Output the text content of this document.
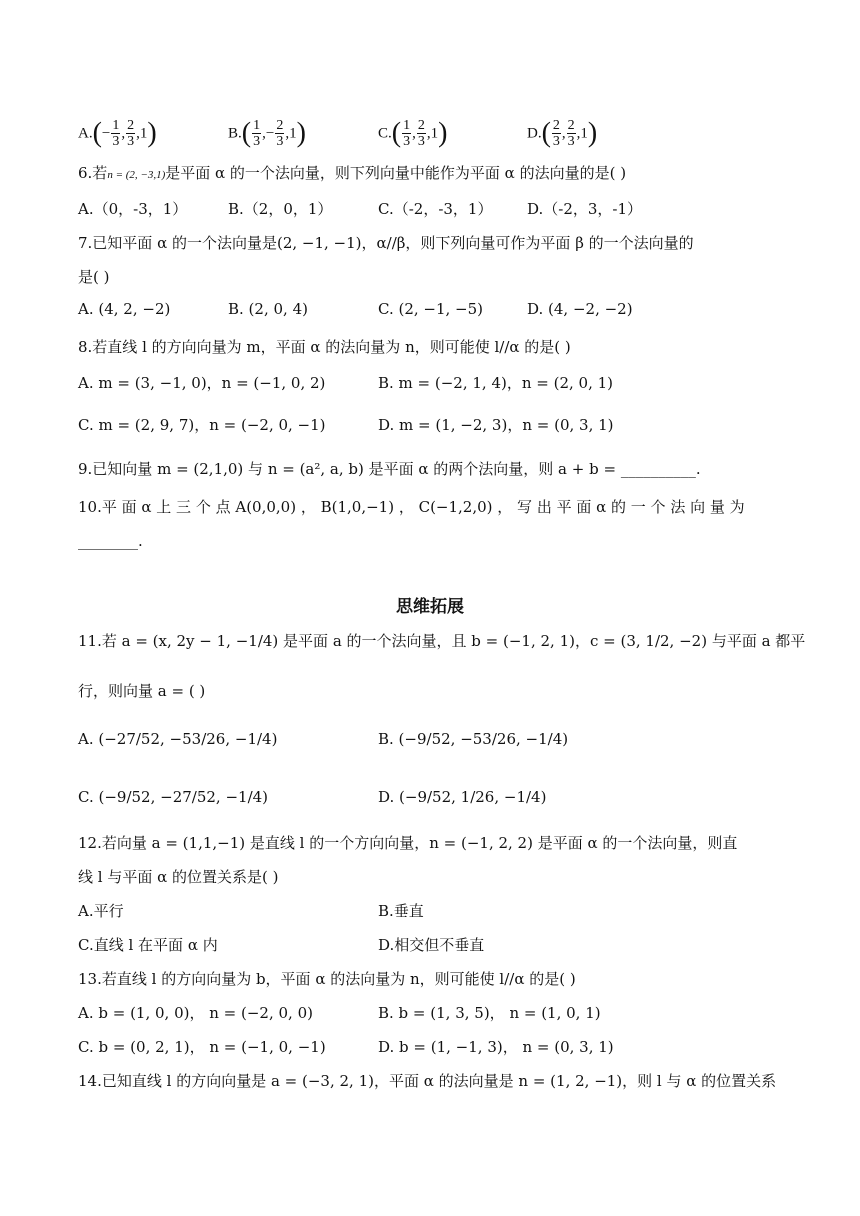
$A.(- \frac{1}{3}$ , $\frac{2}{3} ,1$)	$B.( \frac{1}{3}$ ,− $\frac{2}{3} ,1$)	$C.( \frac{1}{3}$ , $\frac{2}{3} ,1$)	$D.( \frac{2}{3}$ , $\frac{2}{3} ,1$)
6.若n = (2, −3,1)是平面 α 的一个法向量，则下列向量中能作为平面 α 的法向量的是( )
A.（0，-3，1）	B.（2，0，1）	C.（-2，-3，1） D.（-2，3，-1）
7.已知平面 α 的一个法向量是(2, −1, −1)，α//β，则下列向量可作为平面 β 的一个法向量的
是( )
A. (4, 2, −2)	B. (2, 0, 4)	C. (2, −1, −5)	D. (4, −2, −2)
8.若直线 l 的方向向量为 m，平面 α 的法向量为 n，则可能使 l//α 的是( )
A. m = (3, −1, 0)，n = (−1, 0, 2)	B. m = (−2, 1, 4)，n = (2, 0, 1)
C. m = (2, 9, 7)，n = (−2, 0, −1)	D. m = (1, −2, 3)，n = (0, 3, 1)
9.已知向量 m = (2,1,0) 与 n = (a², a, b) 是平面 α 的两个法向量，则 a + b = __________.
10.平 面 α 上 三 个 点 A(0,0,0) ， B(1,0,−1) ， C(−1,2,0) ， 写 出 平 面 α 的 一 个 法 向 量 为
________.
思维拓展
11.若 a = (x, 2y − 1, −1/4) 是平面 a 的一个法向量，且 b = (−1, 2, 1)，c = (3, 1/2, −2) 与平面 a 都平
行，则向量 a = ( )
A. (−27/52, −53/26, −1/4)	B. (−9/52, −53/26, −1/4)
C. (−9/52, −27/52, −1/4)	D. (−9/52, 1/26, −1/4)
12.若向量 a = (1,1,−1) 是直线 l 的一个方向向量，n = (−1, 2, 2) 是平面 α 的一个法向量，则直
线 l 与平面 α 的位置关系是( )
A.平行	B.垂直
C.直线 l 在平面 α 内	D.相交但不垂直
13.若直线 l 的方向向量为 b，平面 α 的法向量为 n，则可能使 l//α 的是( )
A. b = (1, 0, 0)， n = (−2, 0, 0)	B. b = (1, 3, 5)， n = (1, 0, 1)
C. b = (0, 2, 1)， n = (−1, 0, −1)	D. b = (1, −1, 3)， n = (0, 3, 1)
14.已知直线 l 的方向向量是 a = (−3, 2, 1)，平面 α 的法向量是 n = (1, 2, −1)，则 l 与 α 的位置关系
